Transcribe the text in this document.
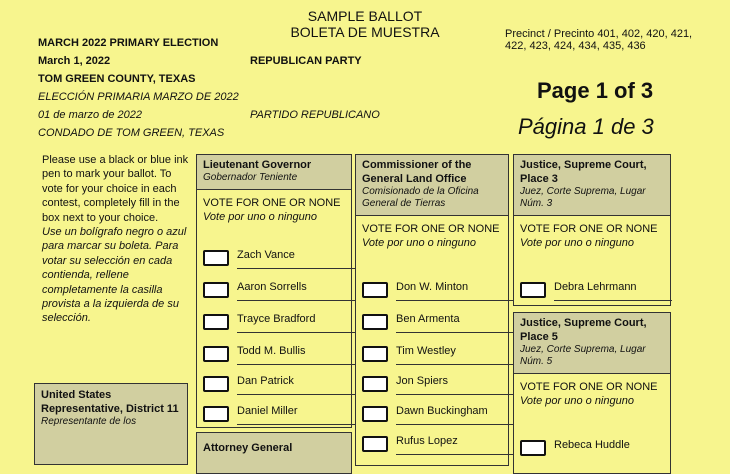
SAMPLE BALLOT
BOLETA DE MUESTRA
MARCH 2022 PRIMARY ELECTION
March 1, 2022
TOM GREEN COUNTY, TEXAS
ELECCIÓN PRIMARIA MARZO DE 2022
01 de marzo de 2022
CONDADO DE TOM GREEN, TEXAS
REPUBLICAN PARTY
PARTIDO REPUBLICANO
Precinct / Precinto 401, 402, 420, 421, 422, 423, 424, 434, 435, 436
Page 1 of 3
Página 1 de 3
Please use a black or blue ink pen to mark your ballot. To vote for your choice in each contest, completely fill in the box next to your choice.
Use un bolígrafo negro o azul para marcar su boleta. Para votar su selección en cada contienda, rellene completamente la casilla provista a la izquierda de su selección.
United States Representative, District 11
Representante de los
Lieutenant Governor
Gobernador Teniente
VOTE FOR ONE OR NONE
Vote por uno o ninguno
Zach Vance
Aaron Sorrells
Trayce Bradford
Todd M. Bullis
Dan Patrick
Daniel Miller
Attorney General
Commissioner of the General Land Office
Comisionado de la Oficina General de Tierras
VOTE FOR ONE OR NONE
Vote por uno o ninguno
Don W. Minton
Ben Armenta
Tim Westley
Jon Spiers
Dawn Buckingham
Rufus Lopez
Justice, Supreme Court, Place 3
Juez, Corte Suprema, Lugar Núm. 3
VOTE FOR ONE OR NONE
Vote por uno o ninguno
Debra Lehrmann
Justice, Supreme Court, Place 5
Juez, Corte Suprema, Lugar Núm. 5
VOTE FOR ONE OR NONE
Vote por uno o ninguno
Rebeca Huddle
